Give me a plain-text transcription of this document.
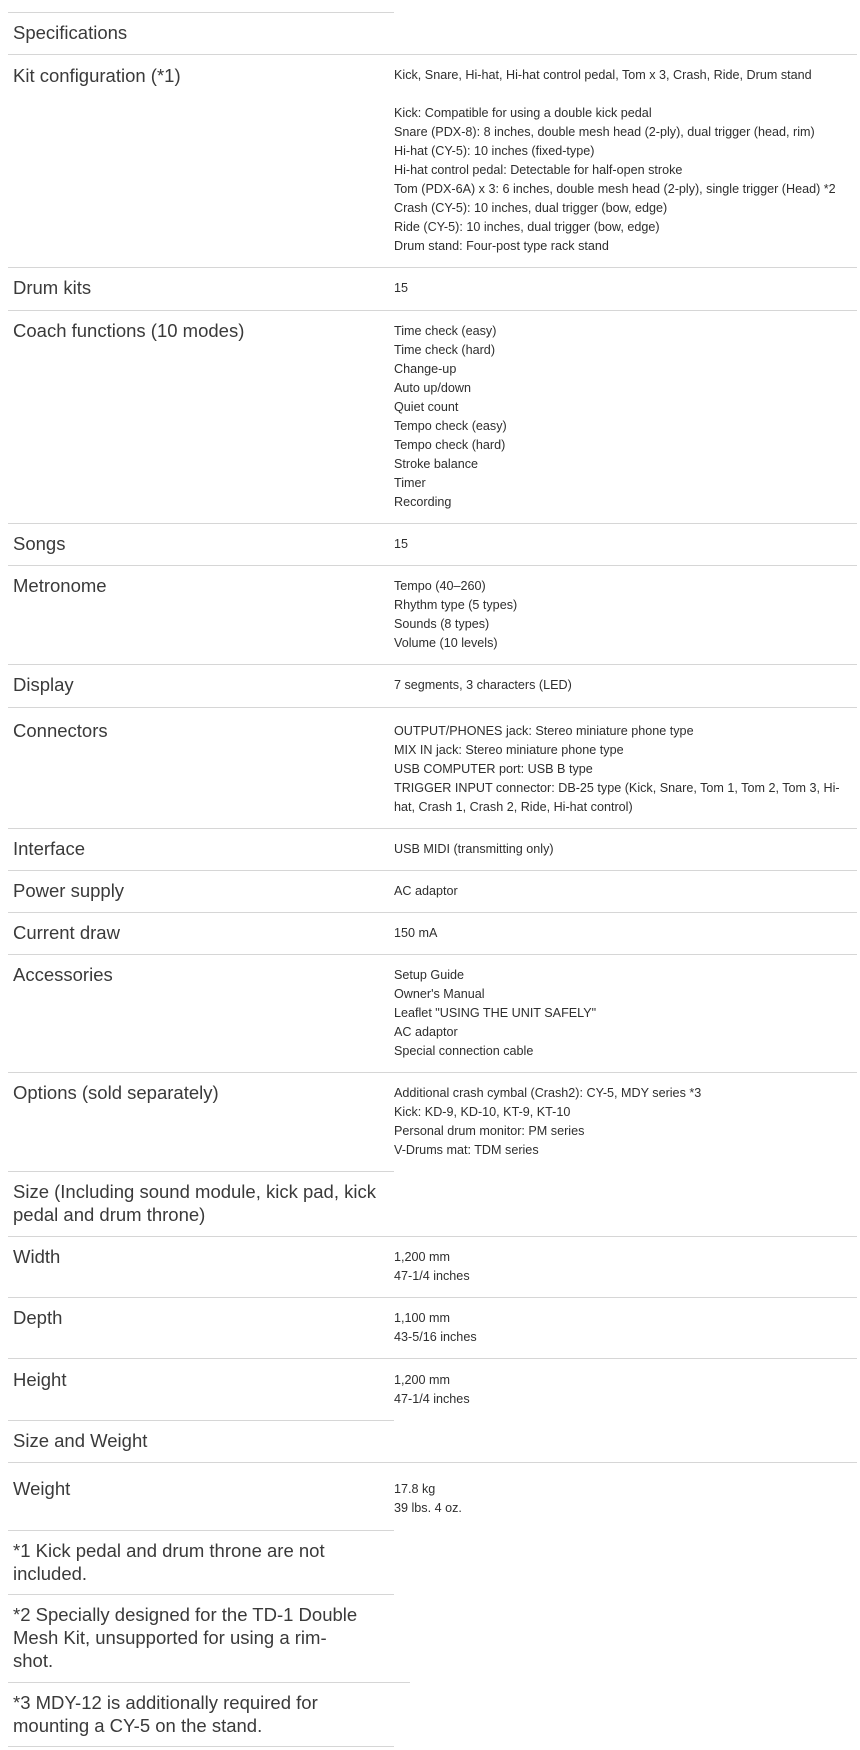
Specifications
Kit configuration (*1)	Kick, Snare, Hi-hat, Hi-hat control pedal, Tom x 3, Crash, Ride, Drum stand
Kick: Compatible for using a double kick pedal
Snare (PDX-8): 8 inches, double mesh head (2-ply), dual trigger (head, rim)
Hi-hat (CY-5): 10 inches (fixed-type)
Hi-hat control pedal: Detectable for half-open stroke
Tom (PDX-6A) x 3: 6 inches, double mesh head (2-ply), single trigger (Head) *2
Crash (CY-5): 10 inches, dual trigger (bow, edge)
Ride (CY-5): 10 inches, dual trigger (bow, edge)
Drum stand: Four-post type rack stand
Drum kits	15
Coach functions (10 modes)	Time check (easy)
Time check (hard)
Change-up
Auto up/down
Quiet count
Tempo check (easy)
Tempo check (hard)
Stroke balance
Timer
Recording
Songs	15
Metronome	Tempo (40–260)
Rhythm type (5 types)
Sounds (8 types)
Volume (10 levels)
Display	7 segments, 3 characters (LED)
Connectors	OUTPUT/PHONES jack: Stereo miniature phone type
MIX IN jack: Stereo miniature phone type
USB COMPUTER port: USB B type
TRIGGER INPUT connector: DB-25 type (Kick, Snare, Tom 1, Tom 2, Tom 3, Hi-hat, Crash 1, Crash 2, Ride, Hi-hat control)
Interface	USB MIDI (transmitting only)
Power supply	AC adaptor
Current draw	150 mA
Accessories	Setup Guide
Owner's Manual
Leaflet "USING THE UNIT SAFELY"
AC adaptor
Special connection cable
Options (sold separately)	Additional crash cymbal (Crash2): CY-5, MDY series *3
Kick: KD-9, KD-10, KT-9, KT-10
Personal drum monitor: PM series
V-Drums mat: TDM series
Size (Including sound module, kick pad, kick pedal and drum throne)
Width	1,200 mm
47-1/4 inches
Depth	1,100 mm
43-5/16 inches
Height	1,200 mm
47-1/4 inches
Size and Weight
Weight	17.8 kg
39 lbs. 4 oz.
*1 Kick pedal and drum throne are not included.
*2 Specially designed for the TD-1 Double Mesh Kit, unsupported for using a rim-shot.
*3 MDY-12 is additionally required for mounting a CY-5 on the stand.
